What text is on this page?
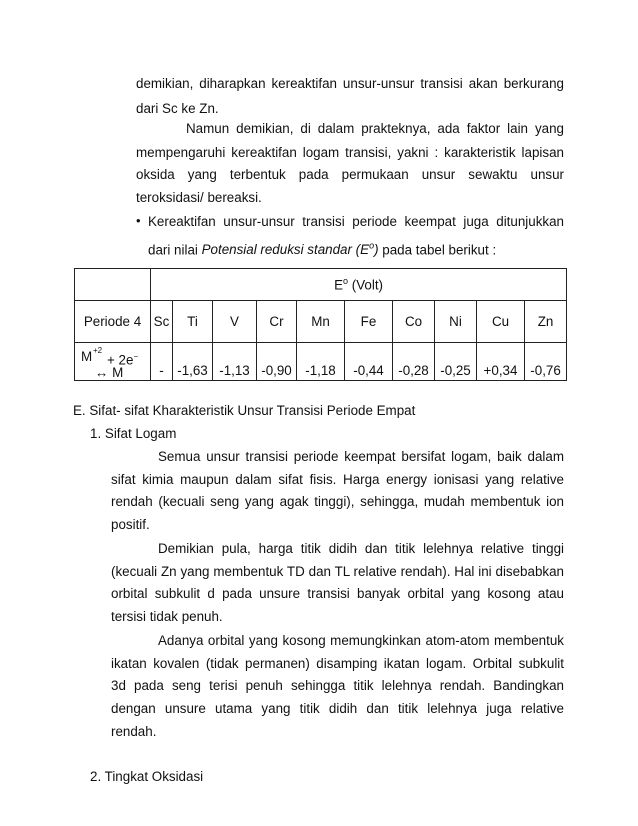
demikian, diharapkan kereaktifan unsur-unsur transisi akan berkurang
dari Sc ke Zn.
Namun demikian, di dalam prakteknya, ada faktor lain yang
mempengaruhi kereaktifan logam transisi, yakni : karakteristik lapisan
oksida yang terbentuk pada permukaan unsur sewaktu unsur
teroksidasi/ bereaksi.
• Kereaktifan unsur-unsur transisi periode keempat juga ditunjukkan
dari nilai Potensial reduksi standar $(E^o)$ pada tabel berikut :
	$E^o$ (Volt)									
Periode 4	Sc	Ti	V	Cr	Mn	Fe	Co	Ni	Cu	Zn

M +2
+ 2e−
↔ M	-	-1,63	-1,13	-0,90	-1,18	-0,44	-0,28	-0,25	+0,34	-0,76
E. Sifat- sifat Kharakteristik Unsur Transisi Periode Empat
1. Sifat Logam
Semua unsur transisi periode keempat bersifat logam, baik dalam
sifat kimia maupun dalam sifat fisis. Harga energy ionisasi yang relative
rendah (kecuali seng yang agak tinggi), sehingga, mudah membentuk ion
positif.
Demikian pula, harga titik didih dan titik lelehnya relative tinggi
(kecuali Zn yang membentuk TD dan TL relative rendah). Hal ini disebabkan
orbital subkulit d pada unsure transisi banyak orbital yang kosong atau
tersisi tidak penuh.
Adanya orbital yang kosong memungkinkan atom-atom membentuk
ikatan kovalen (tidak permanen) disamping ikatan logam. Orbital subkulit
3d pada seng terisi penuh sehingga titik lelehnya rendah. Bandingkan
dengan unsure utama yang titik didih dan titik lelehnya juga relative
rendah.
2. Tingkat Oksidasi
